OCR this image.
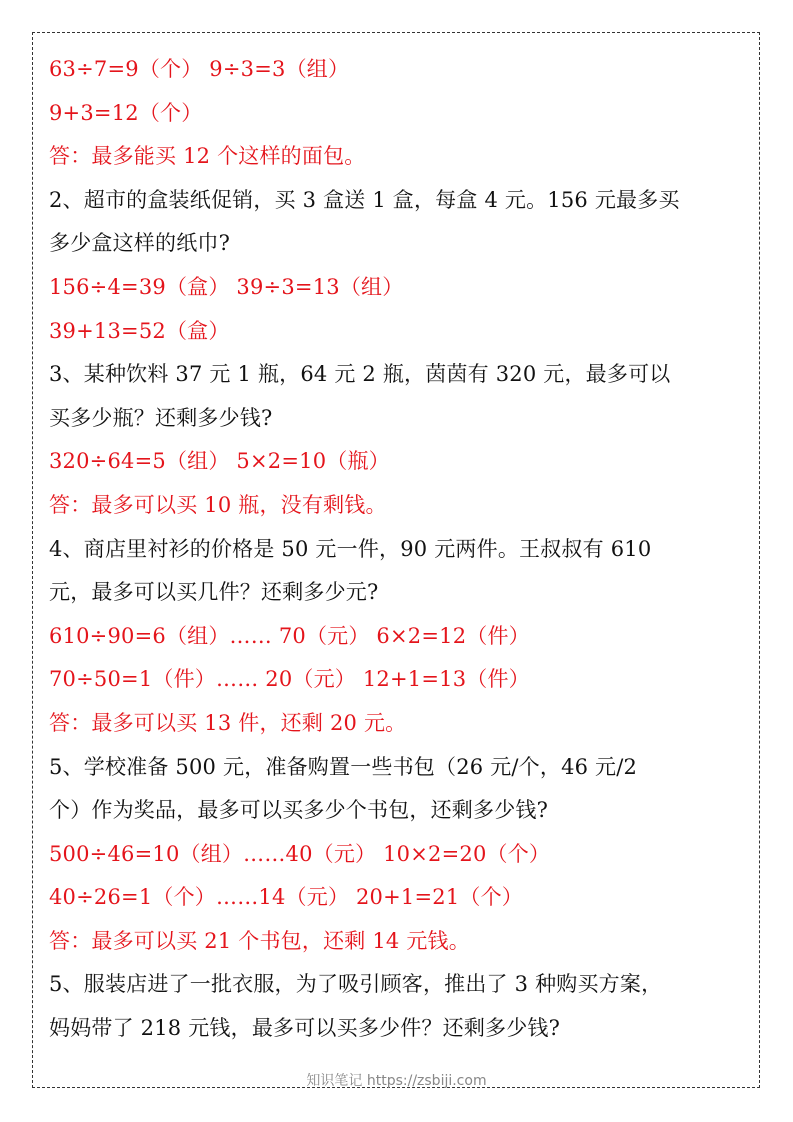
63÷7=9（个） 9÷3=3（组）
9+3=12（个）
答：最多能买 12 个这样的面包。
2、超市的盒装纸促销，买 3 盒送 1 盒，每盒 4 元。156 元最多买
多少盒这样的纸巾?
156÷4=39（盒） 39÷3=13（组）
39+13=52（盒）
3、某种饮料 37 元 1 瓶，64 元 2 瓶，茵茵有 320 元，最多可以
买多少瓶？还剩多少钱?
320÷64=5（组） 5×2=10（瓶）
答：最多可以买 10 瓶，没有剩钱。
4、商店里衬衫的价格是 50 元一件，90 元两件。王叔叔有 610
元，最多可以买几件？还剩多少元?
610÷90=6（组）…… 70（元） 6×2=12（件）
70÷50=1（件）…… 20（元） 12+1=13（件）
答：最多可以买 13 件，还剩 20 元。
5、学校准备 500 元，准备购置一些书包（26 元/个，46 元/2
个）作为奖品，最多可以买多少个书包，还剩多少钱?
500÷46=10（组）……40（元） 10×2=20（个）
40÷26=1（个）……14（元） 20+1=21（个）
答：最多可以买 21 个书包，还剩 14 元钱。
5、服装店进了一批衣服，为了吸引顾客，推出了 3 种购买方案，
妈妈带了 218 元钱，最多可以买多少件？还剩多少钱?
知识笔记 https://zsbiji.com
